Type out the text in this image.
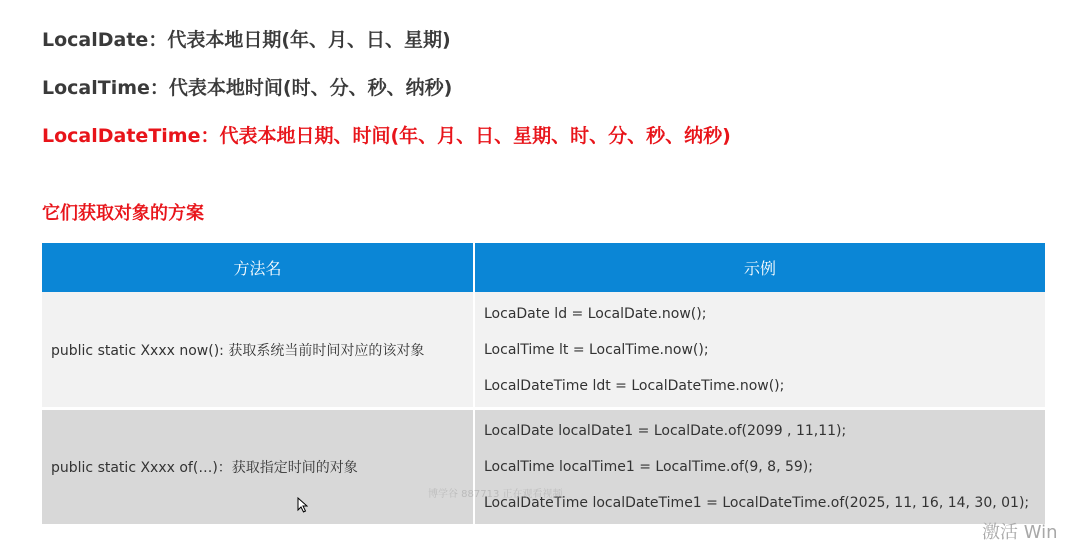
LocalDate：代表本地日期(年、月、日、星期)

LocalTime：代表本地时间(时、分、秒、纳秒)

LocalDateTime：代表本地日期、时间(年、月、日、星期、时、分、秒、纳秒)

它们获取对象的方案

方法名	示例
public static Xxxx now(): 获取系统当前时间对应的该对象	LocaDate ld = LocalDate.now();
LocalTime lt = LocalTime.now();
LocalDateTime ldt = LocalDateTime.now();

public static Xxxx of(…)：获取指定时间的对象	LocalDate localDate1 = LocalDate.of(2099 , 11,11);
LocalTime localTime1 = LocalTime.of(9, 8, 59);
LocalDateTime localDateTime1 = LocalDateTime.of(2025, 11, 16, 14, 30, 01);
博学谷 887713 正在观看视频
激活 Win
